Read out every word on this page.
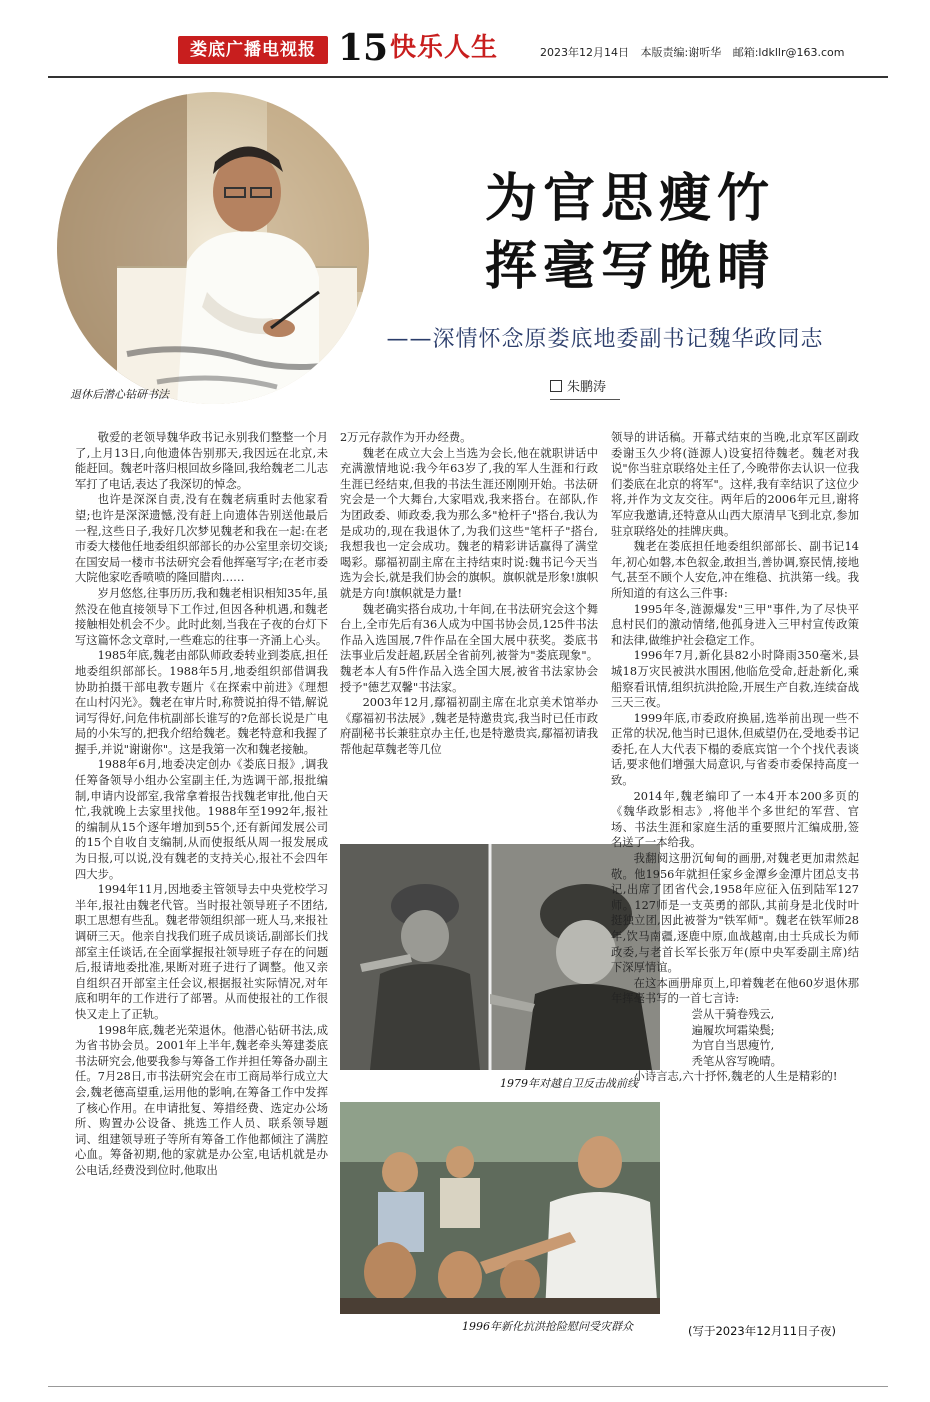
娄底广播电视报 15 快乐人生	2023年12月14日 本版责编:谢听华 邮箱:ldkllr@163.com
退休后潜心钻研书法
为官思瘦竹
挥毫写晚晴
——深情怀念原娄底地委副书记魏华政同志
朱鹏涛

敬爱的老领导魏华政书记永别我们整整一个月了,上月13日,向他遗体告别那天,我因远在北京,未能赶回。魏老叶落归根回故乡隆回,我给魏老二儿志军打了电话,表达了我深切的悼念。

也许是深深自责,没有在魏老病重时去他家看望;也许是深深遗憾,没有赶上向遗体告别送他最后一程,这些日子,我好几次梦见魏老和我在一起:在老市委大楼他任地委组织部部长的办公室里亲切交谈;在国安局一楼市书法研究会看他挥毫写字;在老市委大院他家吃香喷喷的隆回腊肉……

岁月悠悠,往事历历,我和魏老相识相知35年,虽然没在他直接领导下工作过,但因各种机遇,和魏老接触相处机会不少。此时此刻,当我在子夜的台灯下写这篇怀念文章时,一些难忘的往事一齐涌上心头。

1985年底,魏老由部队师政委转业到娄底,担任地委组织部部长。1988年5月,地委组织部借调我协助拍摄干部电教专题片《在探索中前进》《理想在山村闪光》。魏老在审片时,称赞说拍得不错,解说词写得好,问危伟杭副部长谁写的?危部长说是广电局的小朱写的,把我介绍给魏老。魏老特意和我握了握手,并说"谢谢你"。这是我第一次和魏老接触。

1988年6月,地委决定创办《娄底日报》,调我任筹备领导小组办公室副主任,为选调干部,报批编制,申请内设部室,我常拿着报告找魏老审批,他白天忙,我就晚上去家里找他。1988年至1992年,报社的编制从15个逐年增加到55个,还有新闻发展公司的15个自收自支编制,从而使报纸从周一报发展成为日报,可以说,没有魏老的支持关心,报社不会四年四大步。

1994年11月,因地委主管领导去中央党校学习半年,报社由魏老代管。当时报社领导班子不团结,职工思想有些乱。魏老带领组织部一班人马,来报社调研三天。他亲自找我们班子成员谈话,副部长们找部室主任谈话,在全面掌握报社领导班子存在的问题后,报请地委批准,果断对班子进行了调整。他又亲自组织召开部室主任会议,根据报社实际情况,对年底和明年的工作进行了部署。从而使报社的工作很快又走上了正轨。

1998年底,魏老光荣退休。他潜心钻研书法,成为省书协会员。2001年上半年,魏老牵头筹建娄底书法研究会,他要我参与筹备工作并担任筹备办副主任。7月28日,市书法研究会在市工商局举行成立大会,魏老德高望重,运用他的影响,在筹备工作中发挥了核心作用。在申请批复、筹措经费、选定办公场所、购置办公设备、挑选工作人员、联系领导题词、组建领导班子等所有筹备工作他都倾注了满腔心血。筹备初期,他的家就是办公室,电话机就是办公电话,经费没到位时,他取出

2万元存款作为开办经费。

魏老在成立大会上当选为会长,他在就职讲话中充满激情地说:我今年63岁了,我的军人生涯和行政生涯已经结束,但我的书法生涯还刚刚开始。书法研究会是一个大舞台,大家唱戏,我来搭台。在部队,作为团政委、师政委,我为那么多"枪杆子"搭台,我认为是成功的,现在我退休了,为我们这些"笔杆子"搭台,我想我也一定会成功。魏老的精彩讲话赢得了满堂喝彩。鄢福初副主席在主持结束时说:魏书记今天当选为会长,就是我们协会的旗帜。旗帜就是形象!旗帜就是方向!旗帜就是力量!

魏老确实搭台成功,十年间,在书法研究会这个舞台上,全市先后有36人成为中国书协会员,125件书法作品入选国展,7件作品在全国大展中获奖。娄底书法事业后发赶超,跃居全省前列,被誉为"娄底现象"。魏老本人有5件作品入选全国大展,被省书法家协会授予"德艺双馨"书法家。

2003年12月,鄢福初副主席在北京美术馆举办《鄢福初书法展》,魏老是特邀贵宾,我当时已任市政府副秘书长兼驻京办主任,也是特邀贵宾,鄢福初请我帮他起草魏老等几位

1979年对越自卫反击战前线
1996年新化抗洪抢险慰问受灾群众

领导的讲话稿。开幕式结束的当晚,北京军区副政委谢玉久少将(涟源人)设宴招待魏老。魏老对我说"你当驻京联络处主任了,今晚带你去认识一位我们娄底在北京的将军"。这样,我有幸结识了这位少将,并作为文友交往。两年后的2006年元旦,谢将军应我邀请,还特意从山西大原清早飞到北京,参加驻京联络处的挂牌庆典。

魏老在娄底担任地委组织部部长、副书记14年,初心如磐,本色叙金,敢担当,善协调,察民情,接地气,甚至不顾个人安危,冲在维稳、抗洪第一线。我所知道的有这么三件事:

1995年冬,涟源爆发"三甲"事件,为了尽快平息村民们的激动情绪,他孤身进入三甲村宣传政策和法律,做维护社会稳定工作。

1996年7月,新化县82小时降雨350毫米,县城18万灾民被洪水围困,他临危受命,赶赴新化,乘船察看讯情,组织抗洪抢险,开展生产自救,连续奋战三天三夜。

1999年底,市委政府换届,选举前出现一些不正常的状况,他当时已退休,但威望仍在,受地委书记委托,在人大代表下榻的委底宾馆一个个找代表谈话,要求他们增强大局意识,与省委市委保持高度一致。

2014年,魏老编印了一本4开本200多页的《魏华政影相志》,将他半个多世纪的军营、官场、书法生涯和家庭生活的重要照片汇编成册,签名送了一本给我。

我翻阅这册沉甸甸的画册,对魏老更加肃然起敬。他1956年就担任家乡金潭乡金潭片团总支书记,出席了团省代会,1958年应征入伍到陆军127师。127师是一支英勇的部队,其前身是北伐时叶挺独立团,因此被誉为"铁军师"。魏老在铁军师28年,饮马南疆,逐鹿中原,血战越南,由士兵成长为师政委,与老首长军长张万年(原中央军委副主席)结下深厚情谊。

在这本画册扉页上,印着魏老在他60岁退休那年挥毫书写的一首七言诗:

尝从干骑卷残云,

遍履坎坷霜染鬓;

为官自当思瘦竹,

秃笔从容写晚晴。

小诗言志,六十抒怀,魏老的人生是精彩的!

(写于2023年12月11日子夜)
